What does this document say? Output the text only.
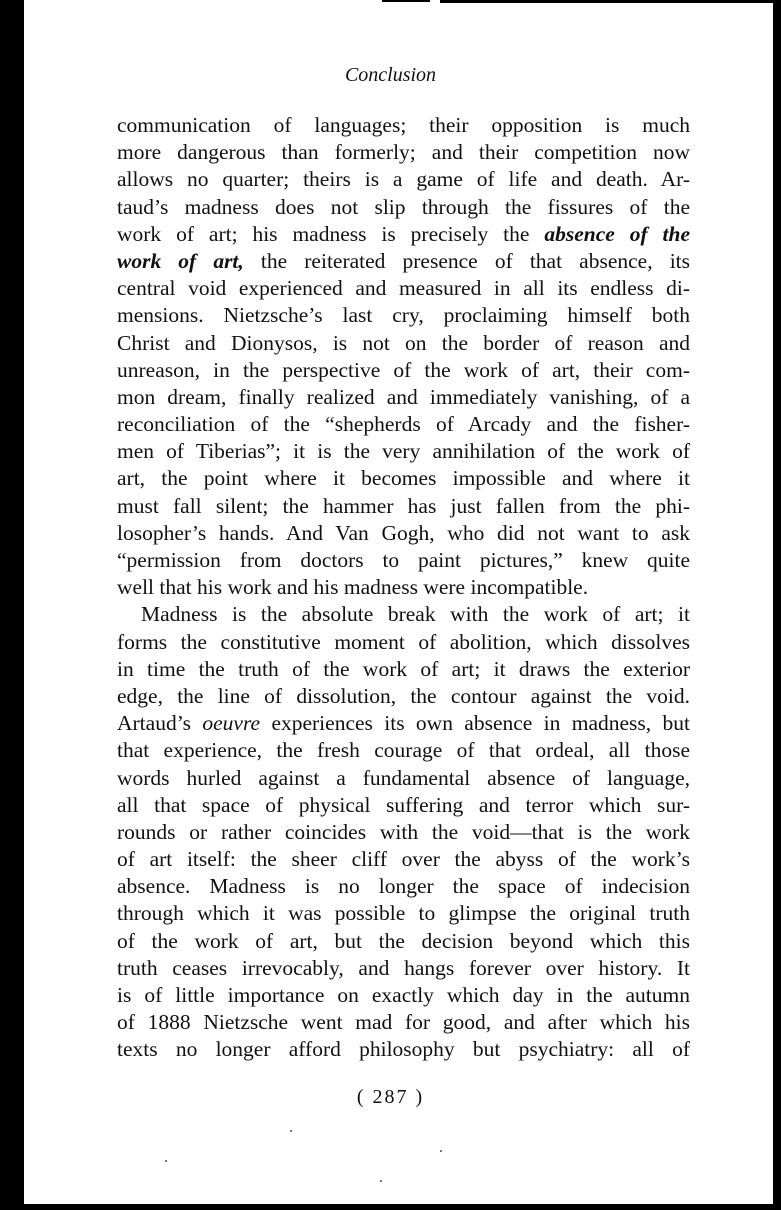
Conclusion
communication of languages; their opposition is much
more dangerous than formerly; and their competition now
allows no quarter; theirs is a game of life and death. Ar-
taud’s madness does not slip through the fissures of the
work of art; his madness is precisely the absence of the
work of art, the reiterated presence of that absence, its
central void experienced and measured in all its endless di-
mensions. Nietzsche’s last cry, proclaiming himself both
Christ and Dionysos, is not on the border of reason and
unreason, in the perspective of the work of art, their com-
mon dream, finally realized and immediately vanishing, of a
reconciliation of the “shepherds of Arcady and the fisher-
men of Tiberias”; it is the very annihilation of the work of
art, the point where it becomes impossible and where it
must fall silent; the hammer has just fallen from the phi-
losopher’s hands. And Van Gogh, who did not want to ask
“permission from doctors to paint pictures,” knew quite
well that his work and his madness were incompatible.
Madness is the absolute break with the work of art; it
forms the constitutive moment of abolition, which dissolves
in time the truth of the work of art; it draws the exterior
edge, the line of dissolution, the contour against the void.
Artaud’s oeuvre experiences its own absence in madness, but
that experience, the fresh courage of that ordeal, all those
words hurled against a fundamental absence of language,
all that space of physical suffering and terror which sur-
rounds or rather coincides with the void—that is the work
of art itself: the sheer cliff over the abyss of the work’s
absence. Madness is no longer the space of indecision
through which it was possible to glimpse the original truth
of the work of art, but the decision beyond which this
truth ceases irrevocably, and hangs forever over history. It
is of little importance on exactly which day in the autumn
of 1888 Nietzsche went mad for good, and after which his
texts no longer afford philosophy but psychiatry: all of
( 287 )
